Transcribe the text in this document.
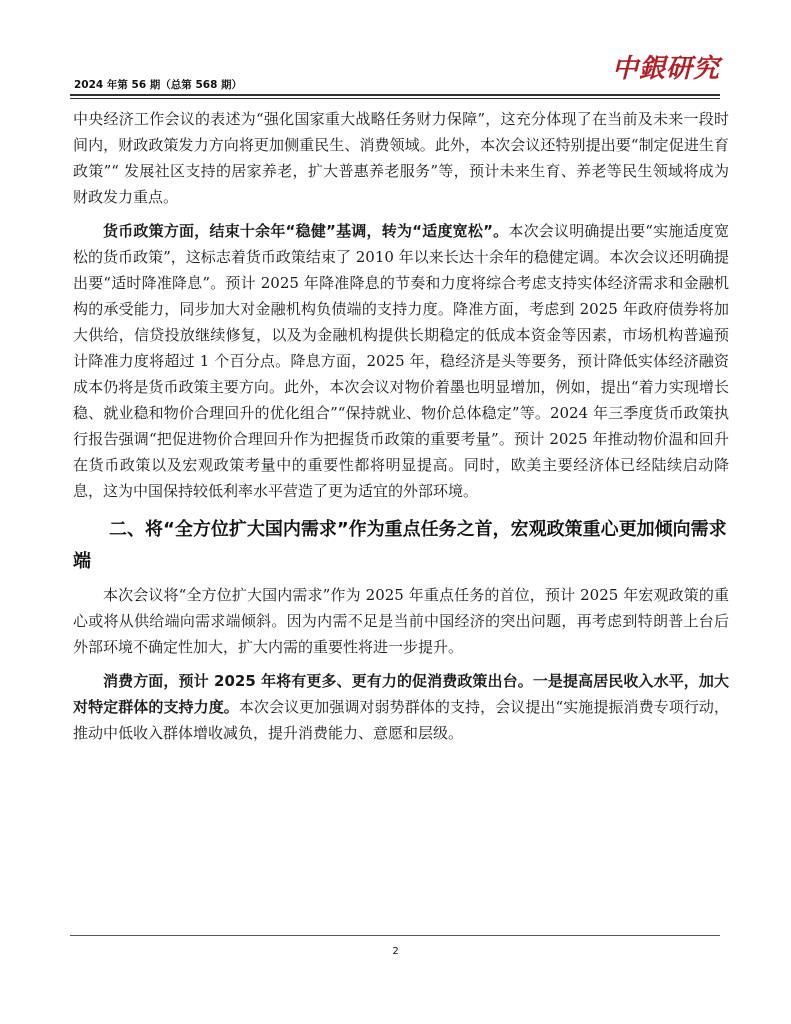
2024 年第 56 期（总第 568 期）
中銀研究

中央经济工作会议的表述为“强化国家重大战略任务财力保障”，这充分体现了在当前及未来一段时间内，财政政策发力方向将更加侧重民生、消费领域。此外，本次会议还特别提出要“制定促进生育政策”“ 发展社区支持的居家养老，扩大普惠养老服务”等，预计未来生育、养老等民生领域将成为财政发力重点。

货币政策方面，结束十余年“稳健”基调，转为“适度宽松”。本次会议明确提出要“实施适度宽松的货币政策”，这标志着货币政策结束了 2010 年以来长达十余年的稳健定调。本次会议还明确提出要“适时降准降息”。预计 2025 年降准降息的节奏和力度将综合考虑支持实体经济需求和金融机构的承受能力，同步加大对金融机构负债端的支持力度。降准方面，考虑到 2025 年政府债券将加大供给，信贷投放继续修复，以及为金融机构提供长期稳定的低成本资金等因素，市场机构普遍预计降准力度将超过 1 个百分点。降息方面，2025 年，稳经济是头等要务，预计降低实体经济融资成本仍将是货币政策主要方向。此外，本次会议对物价着墨也明显增加，例如，提出“着力实现增长稳、就业稳和物价合理回升的优化组合”“保持就业、物价总体稳定”等。2024 年三季度货币政策执行报告强调“把促进物价合理回升作为把握货币政策的重要考量”。预计 2025 年推动物价温和回升在货币政策以及宏观政策考量中的重要性都将明显提高。同时，欧美主要经济体已经陆续启动降息，这为中国保持较低利率水平营造了更为适宜的外部环境。

二、将“全方位扩大国内需求”作为重点任务之首，宏观政策重心更加倾向需求端

本次会议将“全方位扩大国内需求”作为 2025 年重点任务的首位，预计 2025 年宏观政策的重心或将从供给端向需求端倾斜。因为内需不足是当前中国经济的突出问题，再考虑到特朗普上台后外部环境不确定性加大，扩大内需的重要性将进一步提升。

消费方面，预计 2025 年将有更多、更有力的促消费政策出台。一是提高居民收入水平，加大对特定群体的支持力度。本次会议更加强调对弱势群体的支持，会议提出“实施提振消费专项行动，推动中低收入群体增收减负，提升消费能力、意愿和层级。

2
